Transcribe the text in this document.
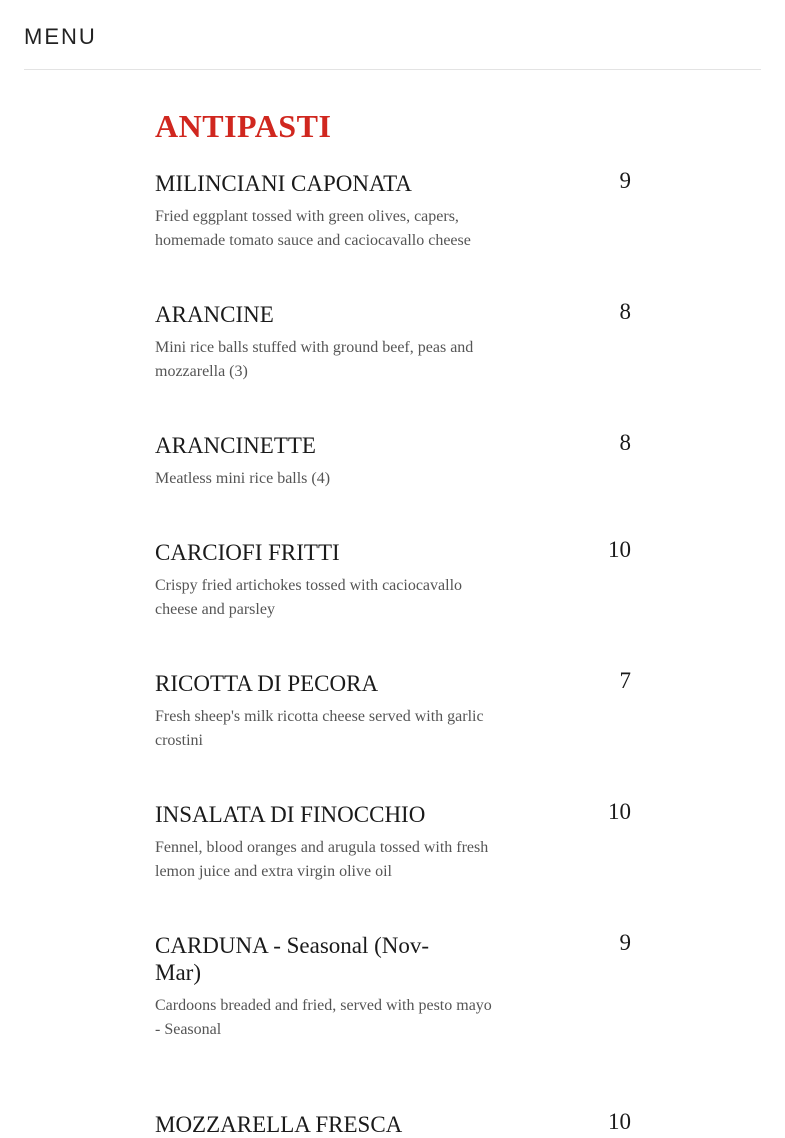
MENU
ANTIPASTI
MILINCIANI CAPONATA	9
Fried eggplant tossed with green olives, capers, homemade tomato sauce and caciocavallo cheese
ARANCINE	8
Mini rice balls stuffed with ground beef, peas and mozzarella (3)
ARANCINETTE	8
Meatless mini rice balls (4)
CARCIOFI FRITTI	10
Crispy fried artichokes tossed with caciocavallo cheese and parsley
RICOTTA DI PECORA	7
Fresh sheep's milk ricotta cheese served with garlic crostini
INSALATA DI FINOCCHIO	10
Fennel, blood oranges and arugula tossed with fresh lemon juice and extra virgin olive oil
CARDUNA - Seasonal (Nov-Mar)
9
Cardoons breaded and fried, served with pesto mayo - Seasonal
MOZZARELLA FRESCA	10
